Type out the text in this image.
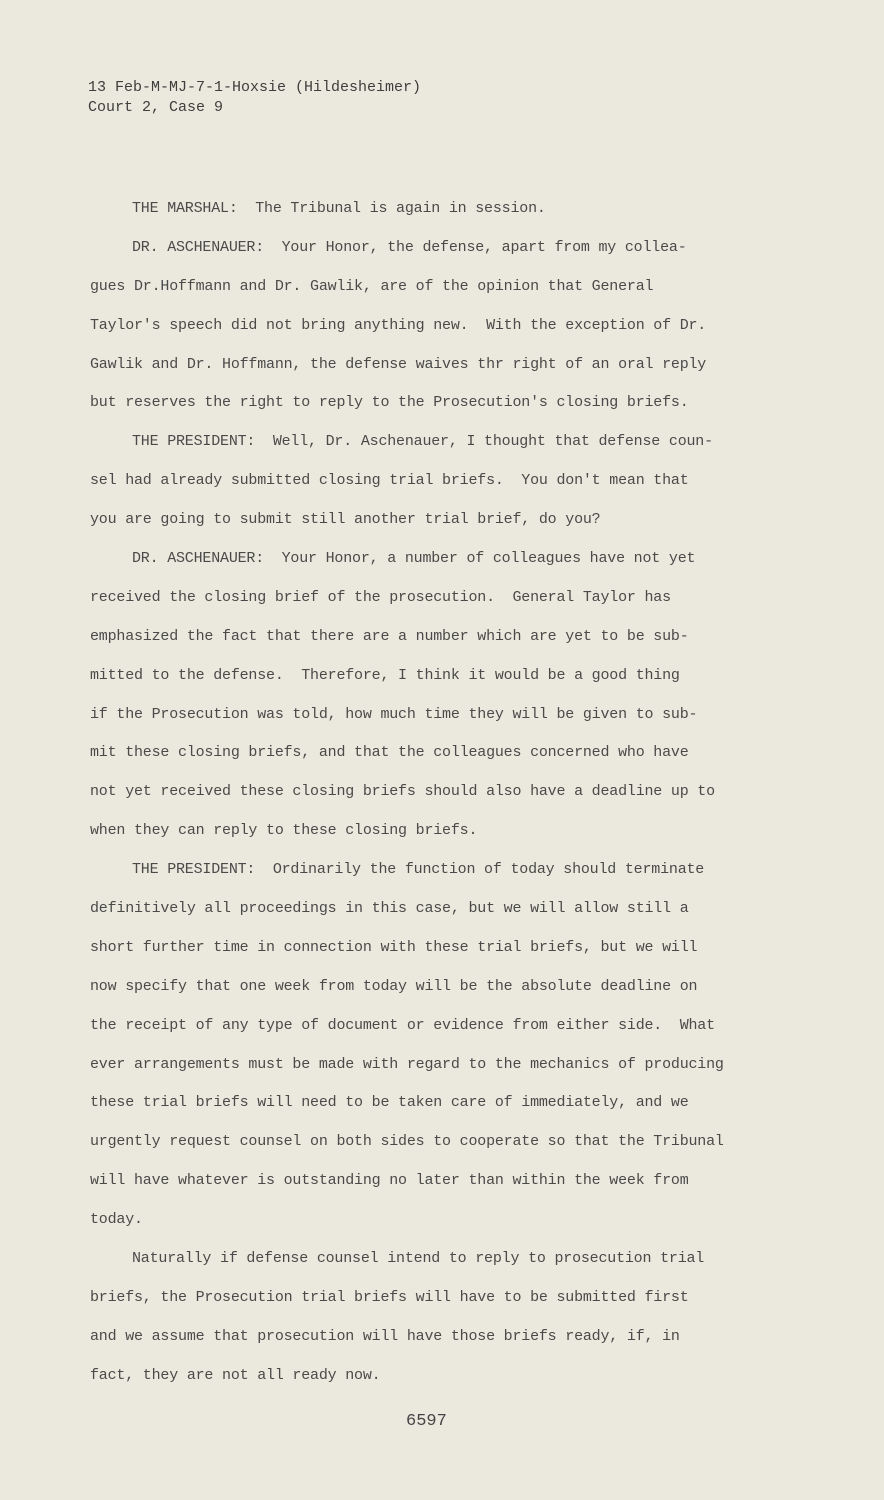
13 Feb-M-MJ-7-1-Hoxsie (Hildesheimer)
Court 2, Case 9
THE MARSHAL:  The Tribunal is again in session.
DR. ASCHENAUER:  Your Honor, the defense, apart from my collea-
gues Dr.Hoffmann and Dr. Gawlik, are of the opinion that General
Taylor's speech did not bring anything new.  With the exception of Dr.
Gawlik and Dr. Hoffmann, the defense waives thr right of an oral reply
but reserves the right to reply to the Prosecution's closing briefs.
THE PRESIDENT:  Well, Dr. Aschenauer, I thought that defense coun-
sel had already submitted closing trial briefs.  You don't mean that
you are going to submit still another trial brief, do you?
DR. ASCHENAUER:  Your Honor, a number of colleagues have not yet
received the closing brief of the prosecution.  General Taylor has
emphasized the fact that there are a number which are yet to be sub-
mitted to the defense.  Therefore, I think it would be a good thing
if the Prosecution was told, how much time they will be given to sub-
mit these closing briefs, and that the colleagues concerned who have
not yet received these closing briefs should also have a deadline up to
when they can reply to these closing briefs.
THE PRESIDENT:  Ordinarily the function of today should terminate
definitively all proceedings in this case, but we will allow still a
short further time in connection with these trial briefs, but we will
now specify that one week from today will be the absolute deadline on
the receipt of any type of document or evidence from either side.  What
ever arrangements must be made with regard to the mechanics of producing
these trial briefs will need to be taken care of immediately, and we
urgently request counsel on both sides to cooperate so that the Tribunal
will have whatever is outstanding no later than within the week from
today.
Naturally if defense counsel intend to reply to prosecution trial
briefs, the Prosecution trial briefs will have to be submitted first
and we assume that prosecution will have those briefs ready, if, in
fact, they are not all ready now.
6597
